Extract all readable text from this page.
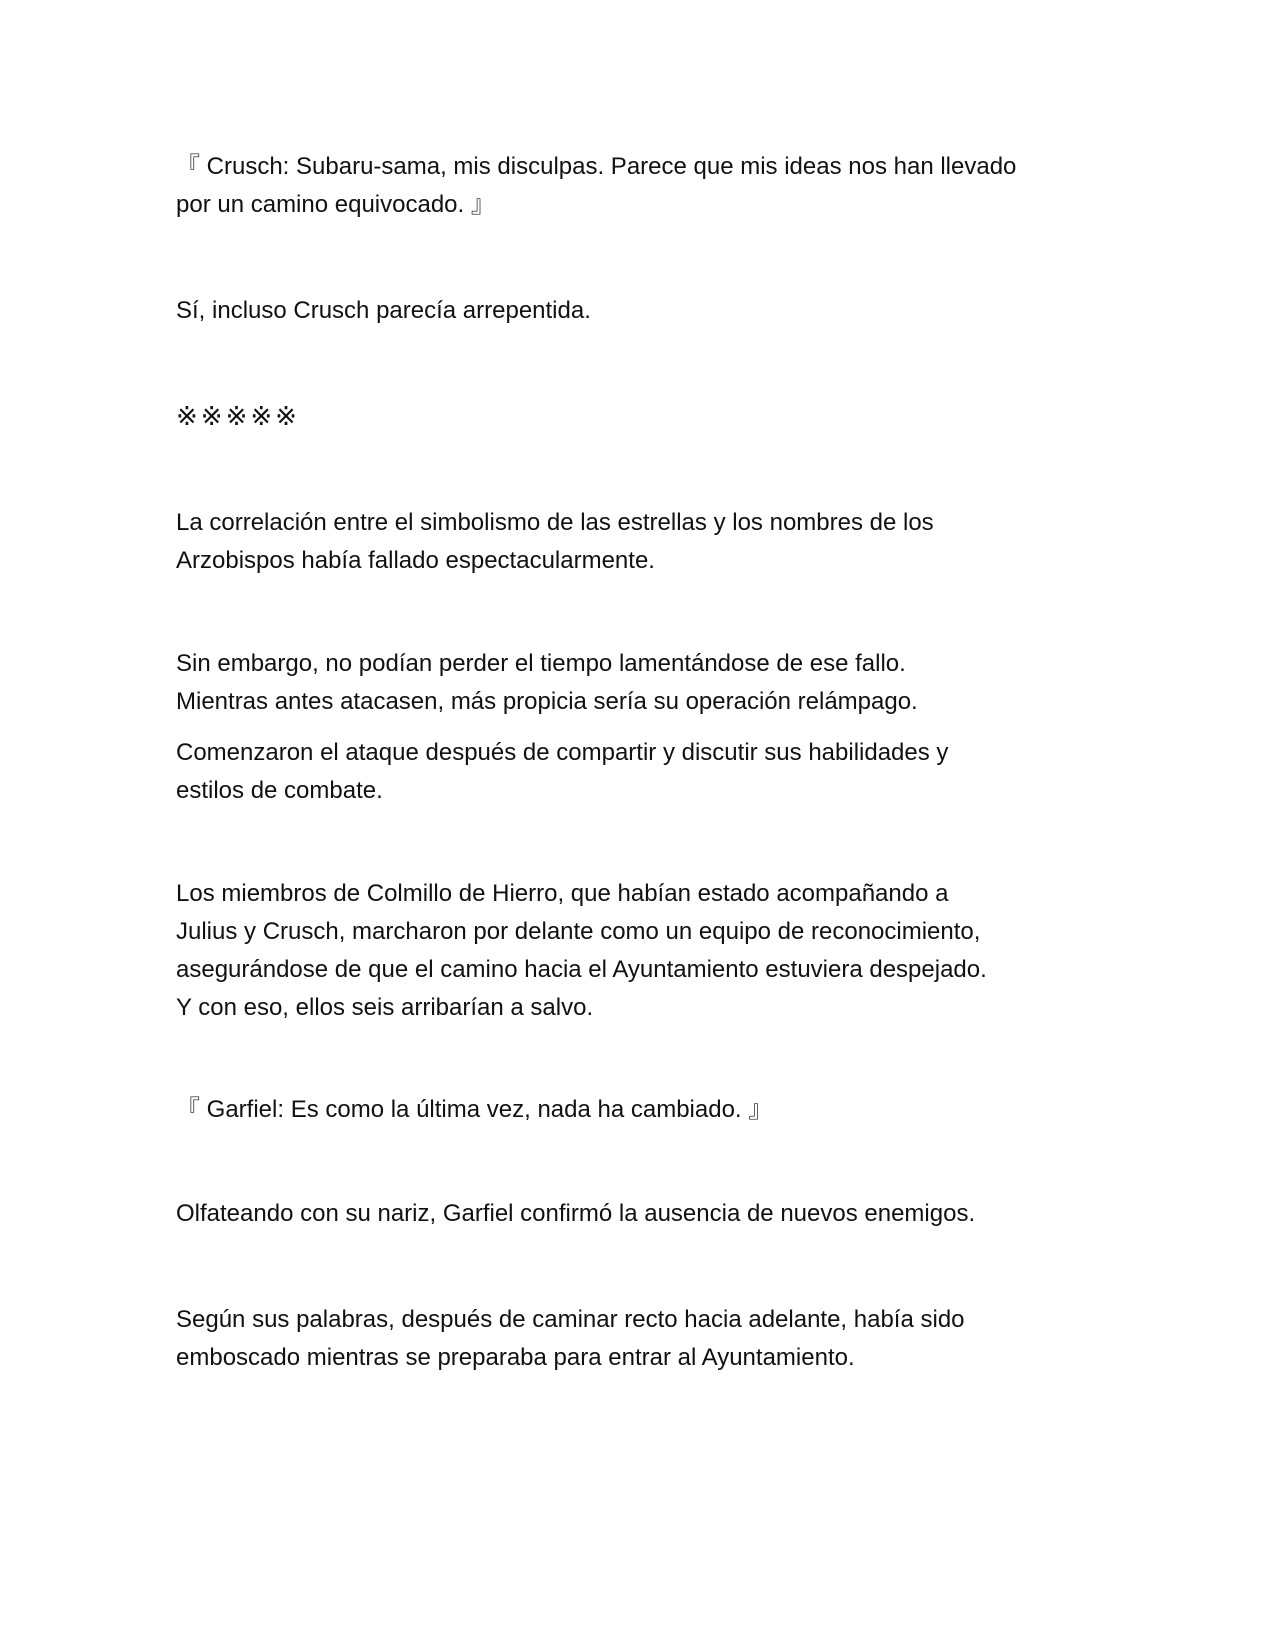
『 Crusch: Subaru-sama, mis disculpas. Parece que mis ideas nos han llevado
por un camino equivocado. 』

Sí, incluso Crusch parecía arrepentida.

※※※※※

La correlación entre el simbolismo de las estrellas y los nombres de los
Arzobispos había fallado espectacularmente.

Sin embargo, no podían perder el tiempo lamentándose de ese fallo.
Mientras antes atacasen, más propicia sería su operación relámpago.

Comenzaron el ataque después de compartir y discutir sus habilidades y
estilos de combate.

Los miembros de Colmillo de Hierro, que habían estado acompañando a
Julius y Crusch, marcharon por delante como un equipo de reconocimiento,
asegurándose de que el camino hacia el Ayuntamiento estuviera despejado.
Y con eso, ellos seis arribarían a salvo.

『 Garfiel: Es como la última vez, nada ha cambiado. 』

Olfateando con su nariz, Garfiel confirmó la ausencia de nuevos enemigos.

Según sus palabras, después de caminar recto hacia adelante, había sido
emboscado mientras se preparaba para entrar al Ayuntamiento.
